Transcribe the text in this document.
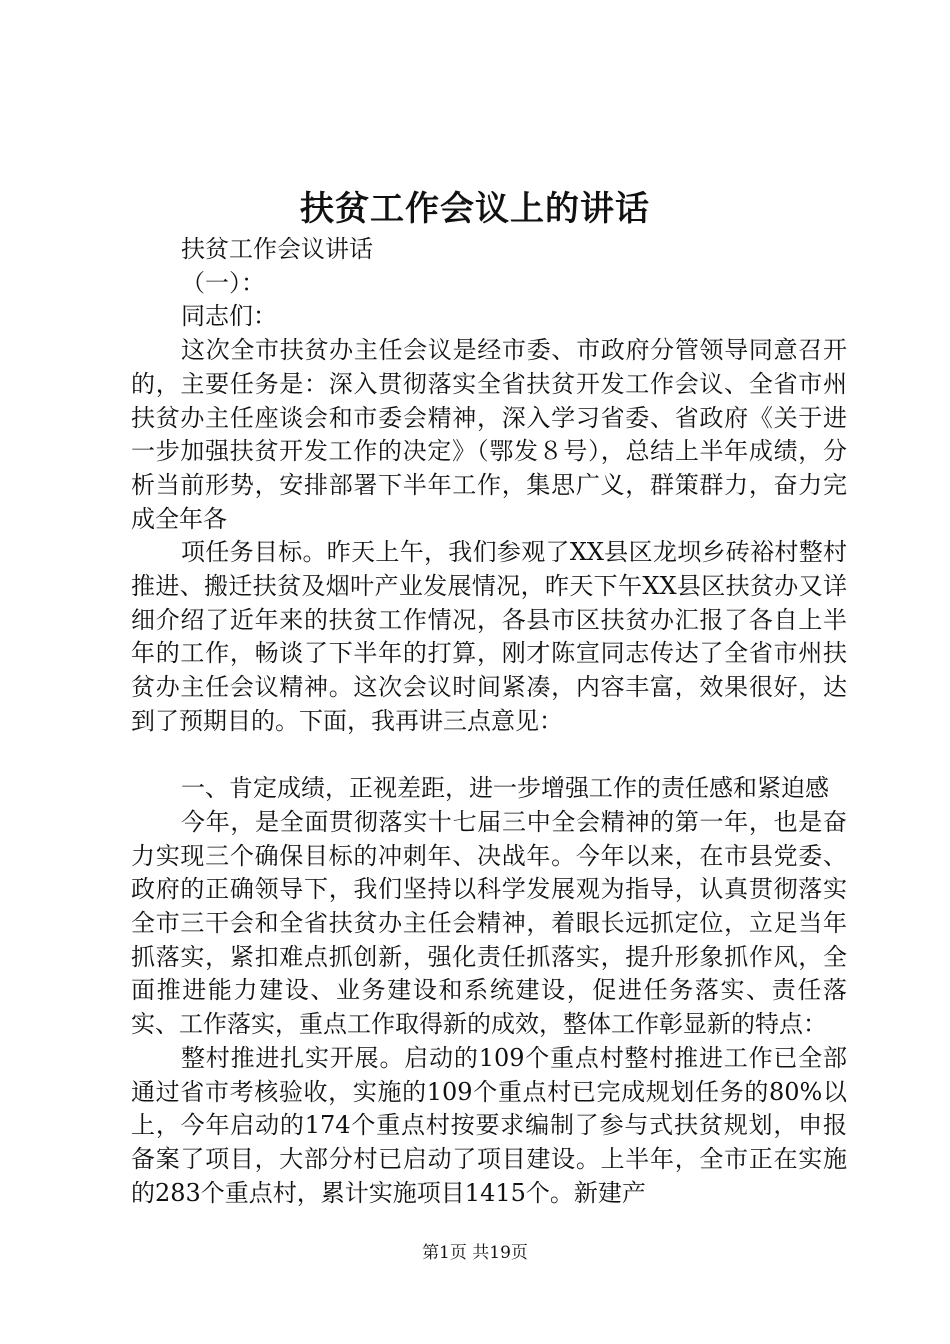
扶贫工作会议上的讲话

扶贫工作会议讲话

（一）：

同志们：

这次全市扶贫办主任会议是经市委、市政府分管领导同意召开的，主要任务是：深入贯彻落实全省扶贫开发工作会议、全省市州扶贫办主任座谈会和市委会精神，深入学习省委、省政府《关于进一步加强扶贫开发工作的决定》（鄂发８号），总结上半年成绩，分析当前形势，安排部署下半年工作，集思广义，群策群力，奋力完成全年各

项任务目标。昨天上午，我们参观了XX县区龙坝乡砖裕村整村推进、搬迁扶贫及烟叶产业发展情况，昨天下午XX县区扶贫办又详细介绍了近年来的扶贫工作情况，各县市区扶贫办汇报了各自上半年的工作，畅谈了下半年的打算，刚才陈宣同志传达了全省市州扶贫办主任会议精神。这次会议时间紧凑，内容丰富，效果很好，达到了预期目的。下面，我再讲三点意见：

一、肯定成绩，正视差距，进一步增强工作的责任感和紧迫感

今年，是全面贯彻落实十七届三中全会精神的第一年，也是奋力实现三个确保目标的冲刺年、决战年。今年以来，在市县党委、政府的正确领导下，我们坚持以科学发展观为指导，认真贯彻落实全市三干会和全省扶贫办主任会精神，着眼长远抓定位，立足当年抓落实，紧扣难点抓创新，强化责任抓落实，提升形象抓作风，全面推进能力建设、业务建设和系统建设，促进任务落实、责任落实、工作落实，重点工作取得新的成效，整体工作彰显新的特点：

整村推进扎实开展。启动的109个重点村整村推进工作已全部通过省市考核验收，实施的109个重点村已完成规划任务的80%以上，今年启动的174个重点村按要求编制了参与式扶贫规划，申报备案了项目，大部分村已启动了项目建设。上半年，全市正在实施的283个重点村，累计实施项目1415个。新建产

第1页 共19页
